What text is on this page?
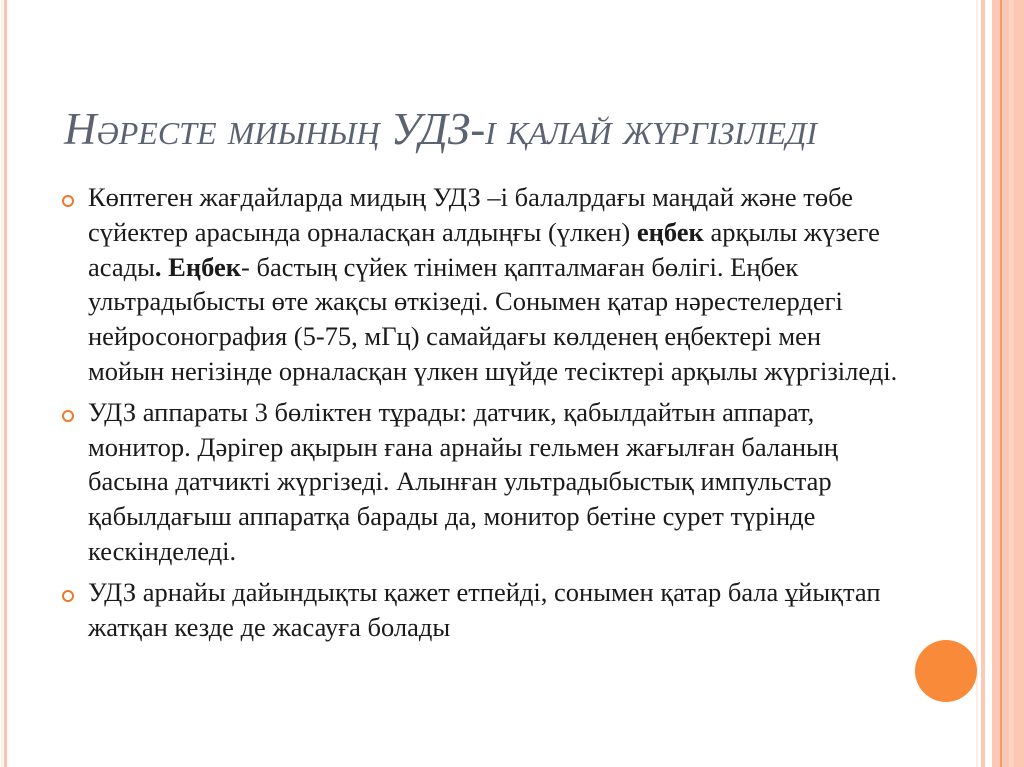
Нәресте миының УДЗ-і қалай жүргізіледі
Көптеген жағдайларда мидың УДЗ –і балалрдағы маңдай және төбе сүйектер арасында орналасқан алдыңғы (үлкен) еңбек арқылы жүзеге асады. Еңбек- бастың сүйек тінімен қапталмаған бөлігі. Еңбек ультрадыбысты өте жақсы өткізеді. Сонымен қатар нәрестелердегі нейросонография (5-75, мГц) самайдағы көлденең еңбектері мен мойын негізінде орналасқан үлкен шүйде тесіктері арқылы жүргізіледі.
УДЗ аппараты 3 бөліктен тұрады: датчик, қабылдайтын аппарат, монитор. Дәрігер ақырын ғана арнайы гельмен жағылған баланың басына датчикті жүргізеді. Алынған ультрадыбыстық импульстар қабылдағыш аппаратқа барады да, монитор бетіне сурет түрінде кескінделеді.
УДЗ арнайы дайындықты қажет етпейді, сонымен қатар бала ұйықтап жатқан кезде де жасауға болады
